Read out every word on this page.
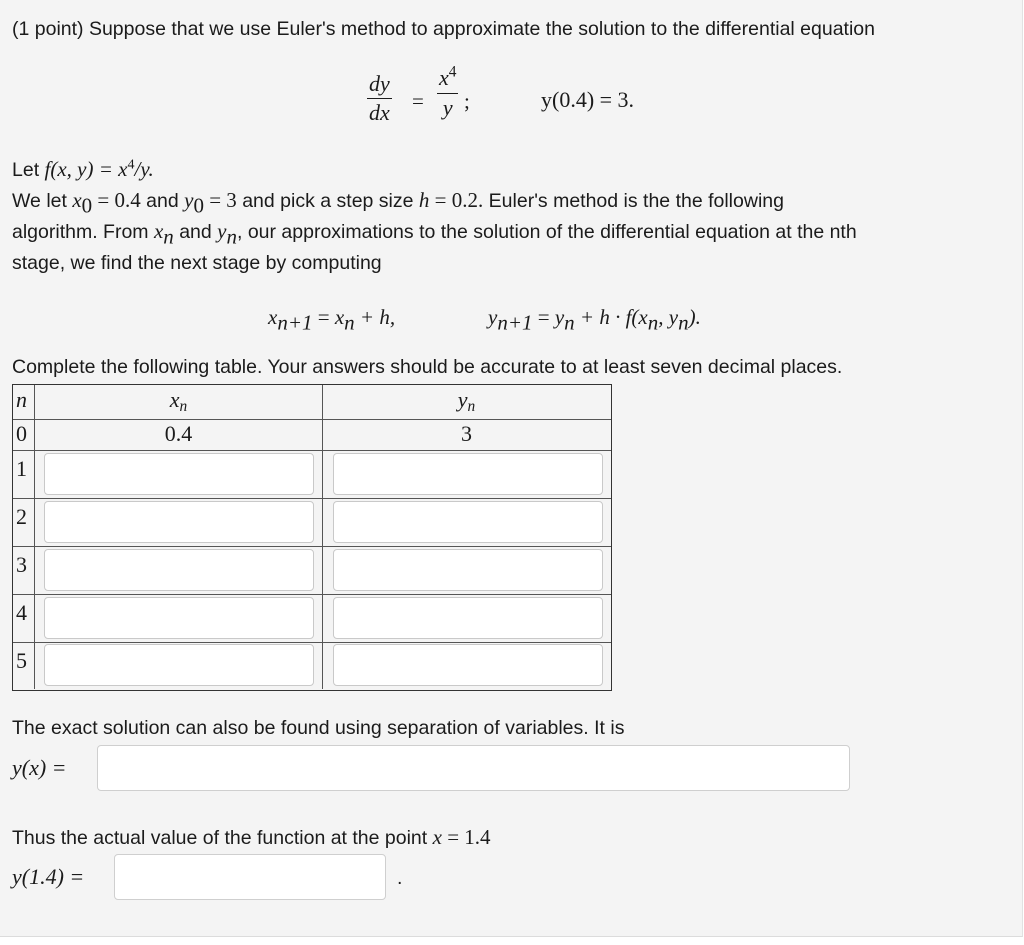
(1 point) Suppose that we use Euler's method to approximate the solution to the differential equation

dy
dx =
$x^4$
y ;	y(0.4) = 3.

Let f(x, $y) = x^4/y$.

We let $x_0 = 0.4$ and $y_0 = 3$ and pick a step size h = 0.2. Euler's method is the the following

algorithm. From $x_n$ and $y_n$, our approximations to the solution of the differential equation at the nth

stage, we find the next stage by computing

$x_{n+1} = x_n + h$,	$y_{n+1} = y_n + h \cdot f(x_n$, $y_n$).

Complete the following table. Your answers should be accurate to at least seven decimal places.

n	$x_n$	$y_n$
0	0.4	3
1
2
3
4
5

The exact solution can also be found using separation of variables. It is

y(x) =

Thus the actual value of the function at the point x = 1.4

y(1.4) =	.
